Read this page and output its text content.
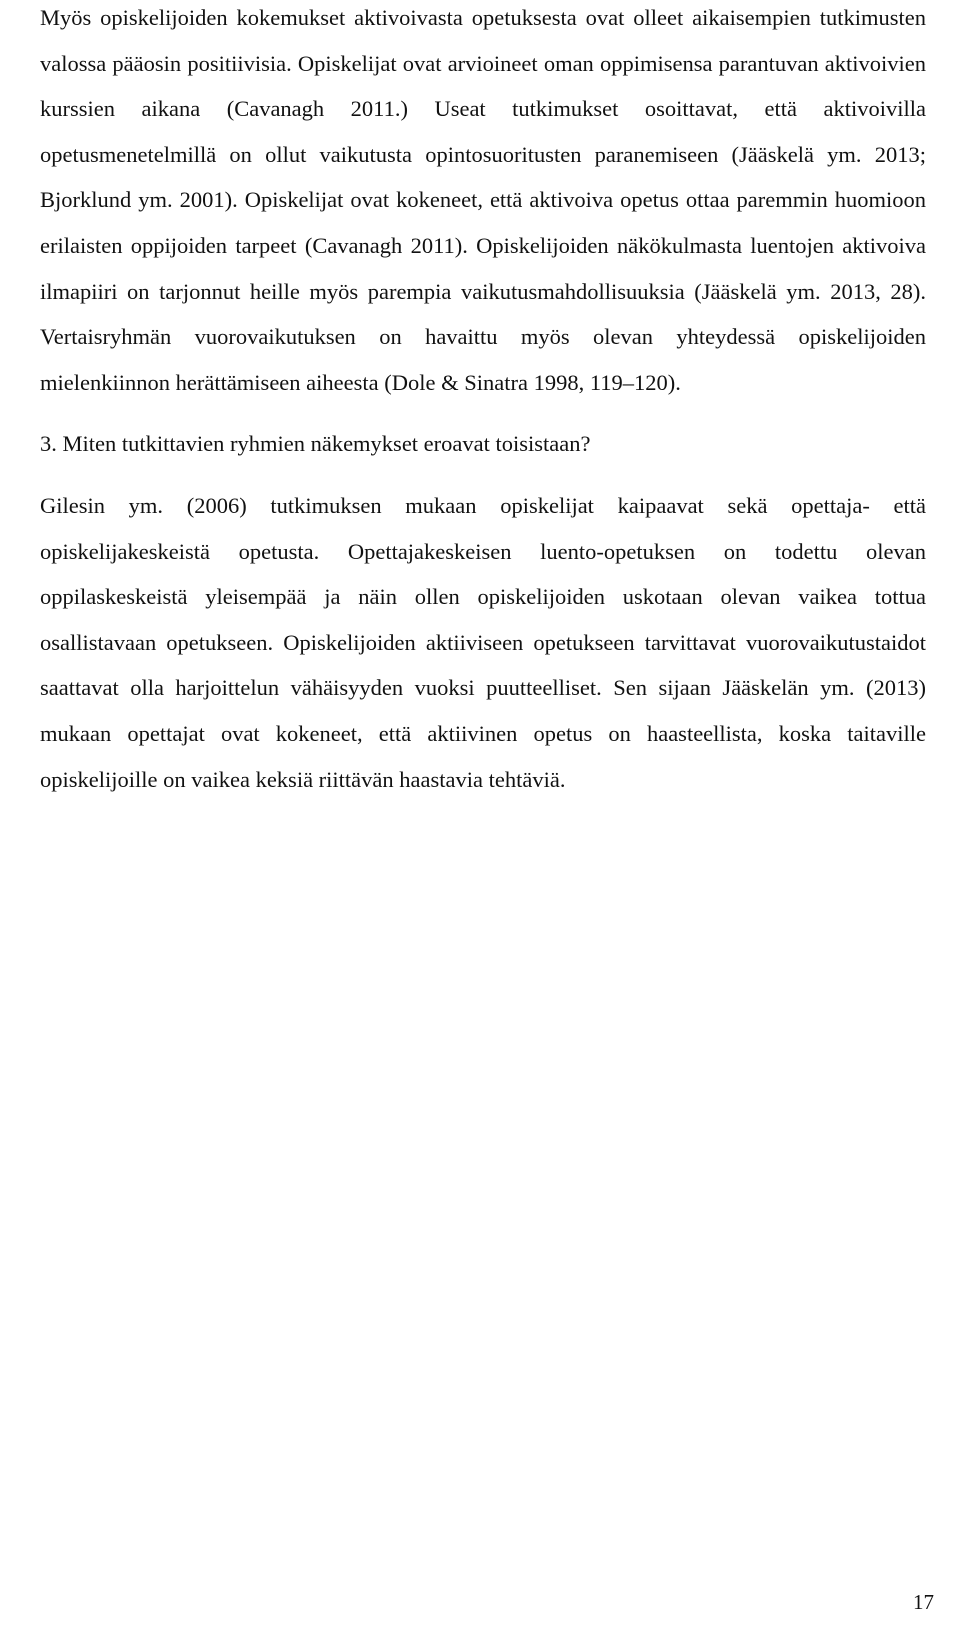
Myös opiskelijoiden kokemukset aktivoivasta opetuksesta ovat olleet aikaisempien tutkimusten valossa pääosin positiivisia. Opiskelijat ovat arvioineet oman oppimisensa parantuvan aktivoivien kurssien aikana (Cavanagh 2011.) Useat tutkimukset osoittavat, että aktivoivilla opetusmenetelmillä on ollut vaikutusta opintosuoritusten paranemiseen (Jääskelä ym. 2013; Bjorklund ym. 2001). Opiskelijat ovat kokeneet, että aktivoiva opetus ottaa paremmin huomioon erilaisten oppijoiden tarpeet (Cavanagh 2011). Opiskelijoiden näkökulmasta luentojen aktivoiva ilmapiiri on tarjonnut heille myös parempia vaikutusmahdollisuuksia (Jääskelä ym. 2013, 28). Vertaisryhmän vuorovaikutuksen on havaittu myös olevan yhteydessä opiskelijoiden mielenkiinnon herättämiseen aiheesta (Dole & Sinatra 1998, 119–120).

3. Miten tutkittavien ryhmien näkemykset eroavat toisistaan?

Gilesin ym. (2006) tutkimuksen mukaan opiskelijat kaipaavat sekä opettaja- että opiskelijakeskeistä opetusta. Opettajakeskeisen luento-opetuksen on todettu olevan oppilaskeskeistä yleisempää ja näin ollen opiskelijoiden uskotaan olevan vaikea tottua osallistavaan opetukseen. Opiskelijoiden aktiiviseen opetukseen tarvittavat vuorovaikutustaidot saattavat olla harjoittelun vähäisyyden vuoksi puutteelliset. Sen sijaan Jääskelän ym. (2013) mukaan opettajat ovat kokeneet, että aktiivinen opetus on haasteellista, koska taitaville opiskelijoille on vaikea keksiä riittävän haastavia tehtäviä.

17
